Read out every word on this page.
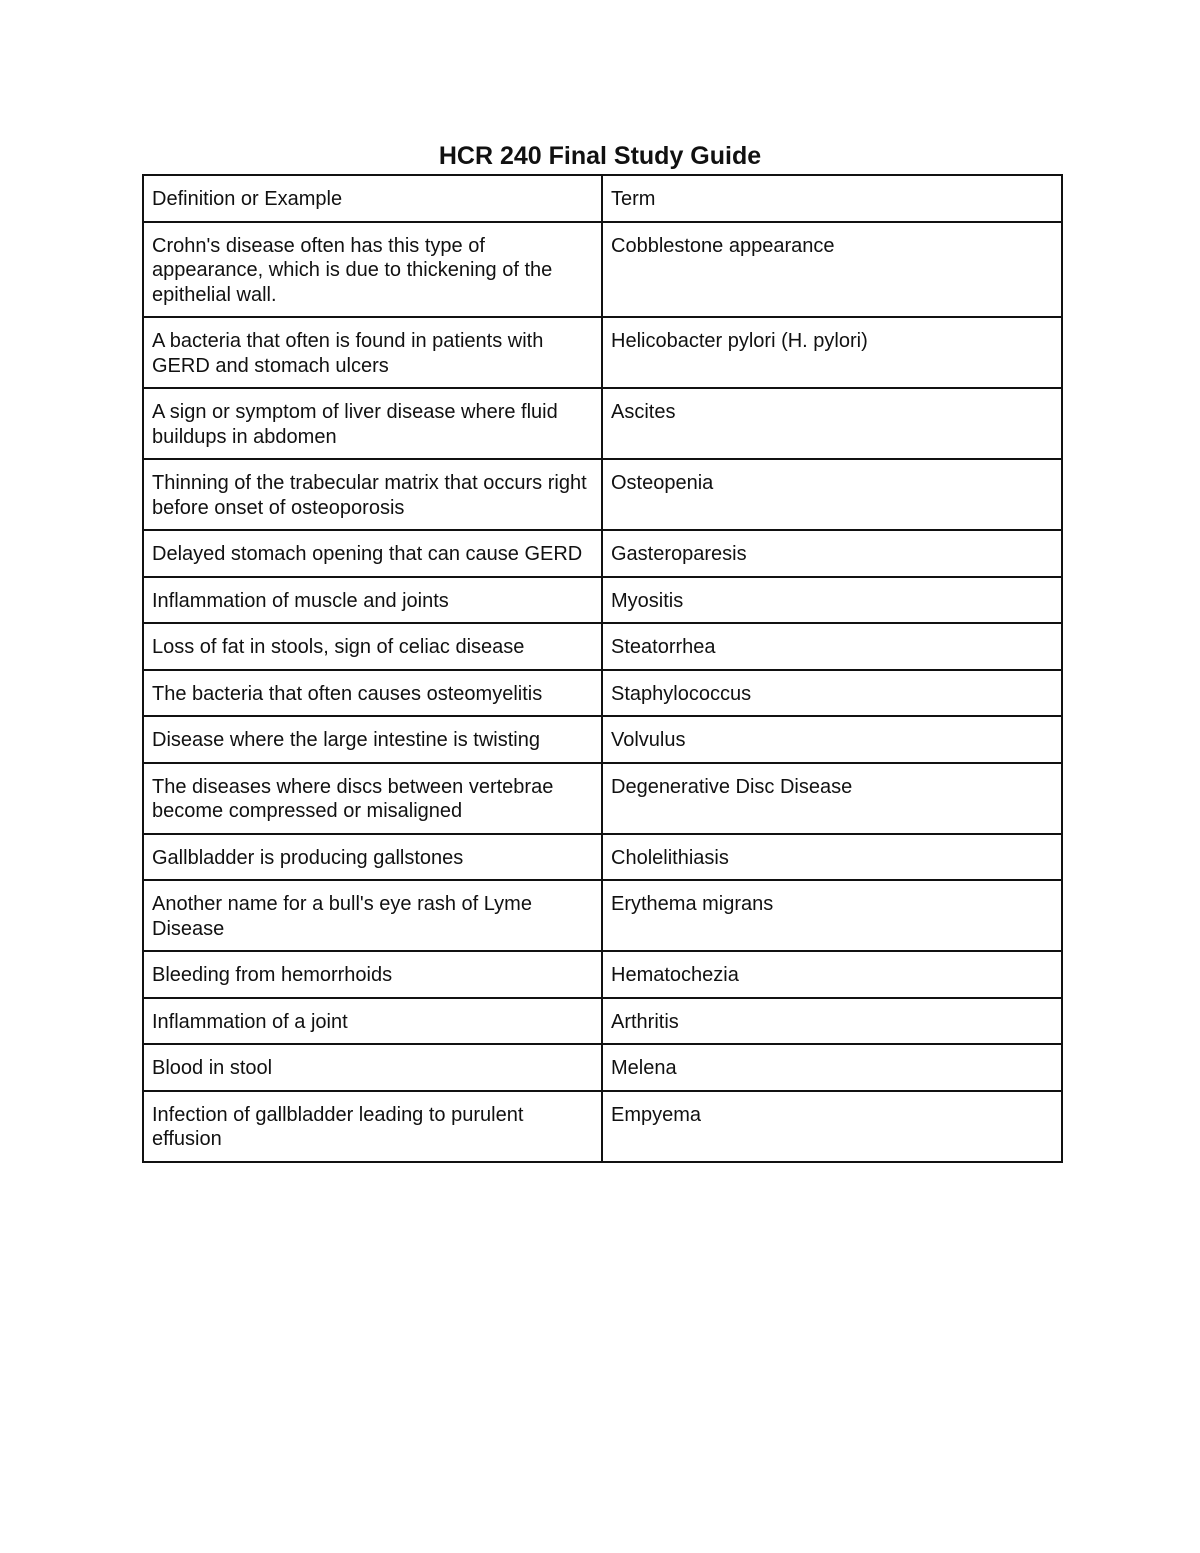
HCR 240 Final Study Guide
Definition or Example	Term
Crohn's disease often has this type of appearance, which is due to thickening of the epithelial wall.	Cobblestone appearance
A bacteria that often is found in patients with GERD and stomach ulcers	Helicobacter pylori (H. pylori)
A sign or symptom of liver disease where fluid buildups in abdomen	Ascites
Thinning of the trabecular matrix that occurs right before onset of osteoporosis	Osteopenia
Delayed stomach opening that can cause GERD	Gasteroparesis
Inflammation of muscle and joints	Myositis
Loss of fat in stools, sign of celiac disease	Steatorrhea
The bacteria that often causes osteomyelitis	Staphylococcus
Disease where the large intestine is twisting	Volvulus
The diseases where discs between vertebrae become compressed or misaligned	Degenerative Disc Disease
Gallbladder is producing gallstones	Cholelithiasis
Another name for a bull's eye rash of Lyme Disease	Erythema migrans
Bleeding from hemorrhoids	Hematochezia
Inflammation of a joint	Arthritis
Blood in stool	Melena
Infection of gallbladder leading to purulent effusion	Empyema
